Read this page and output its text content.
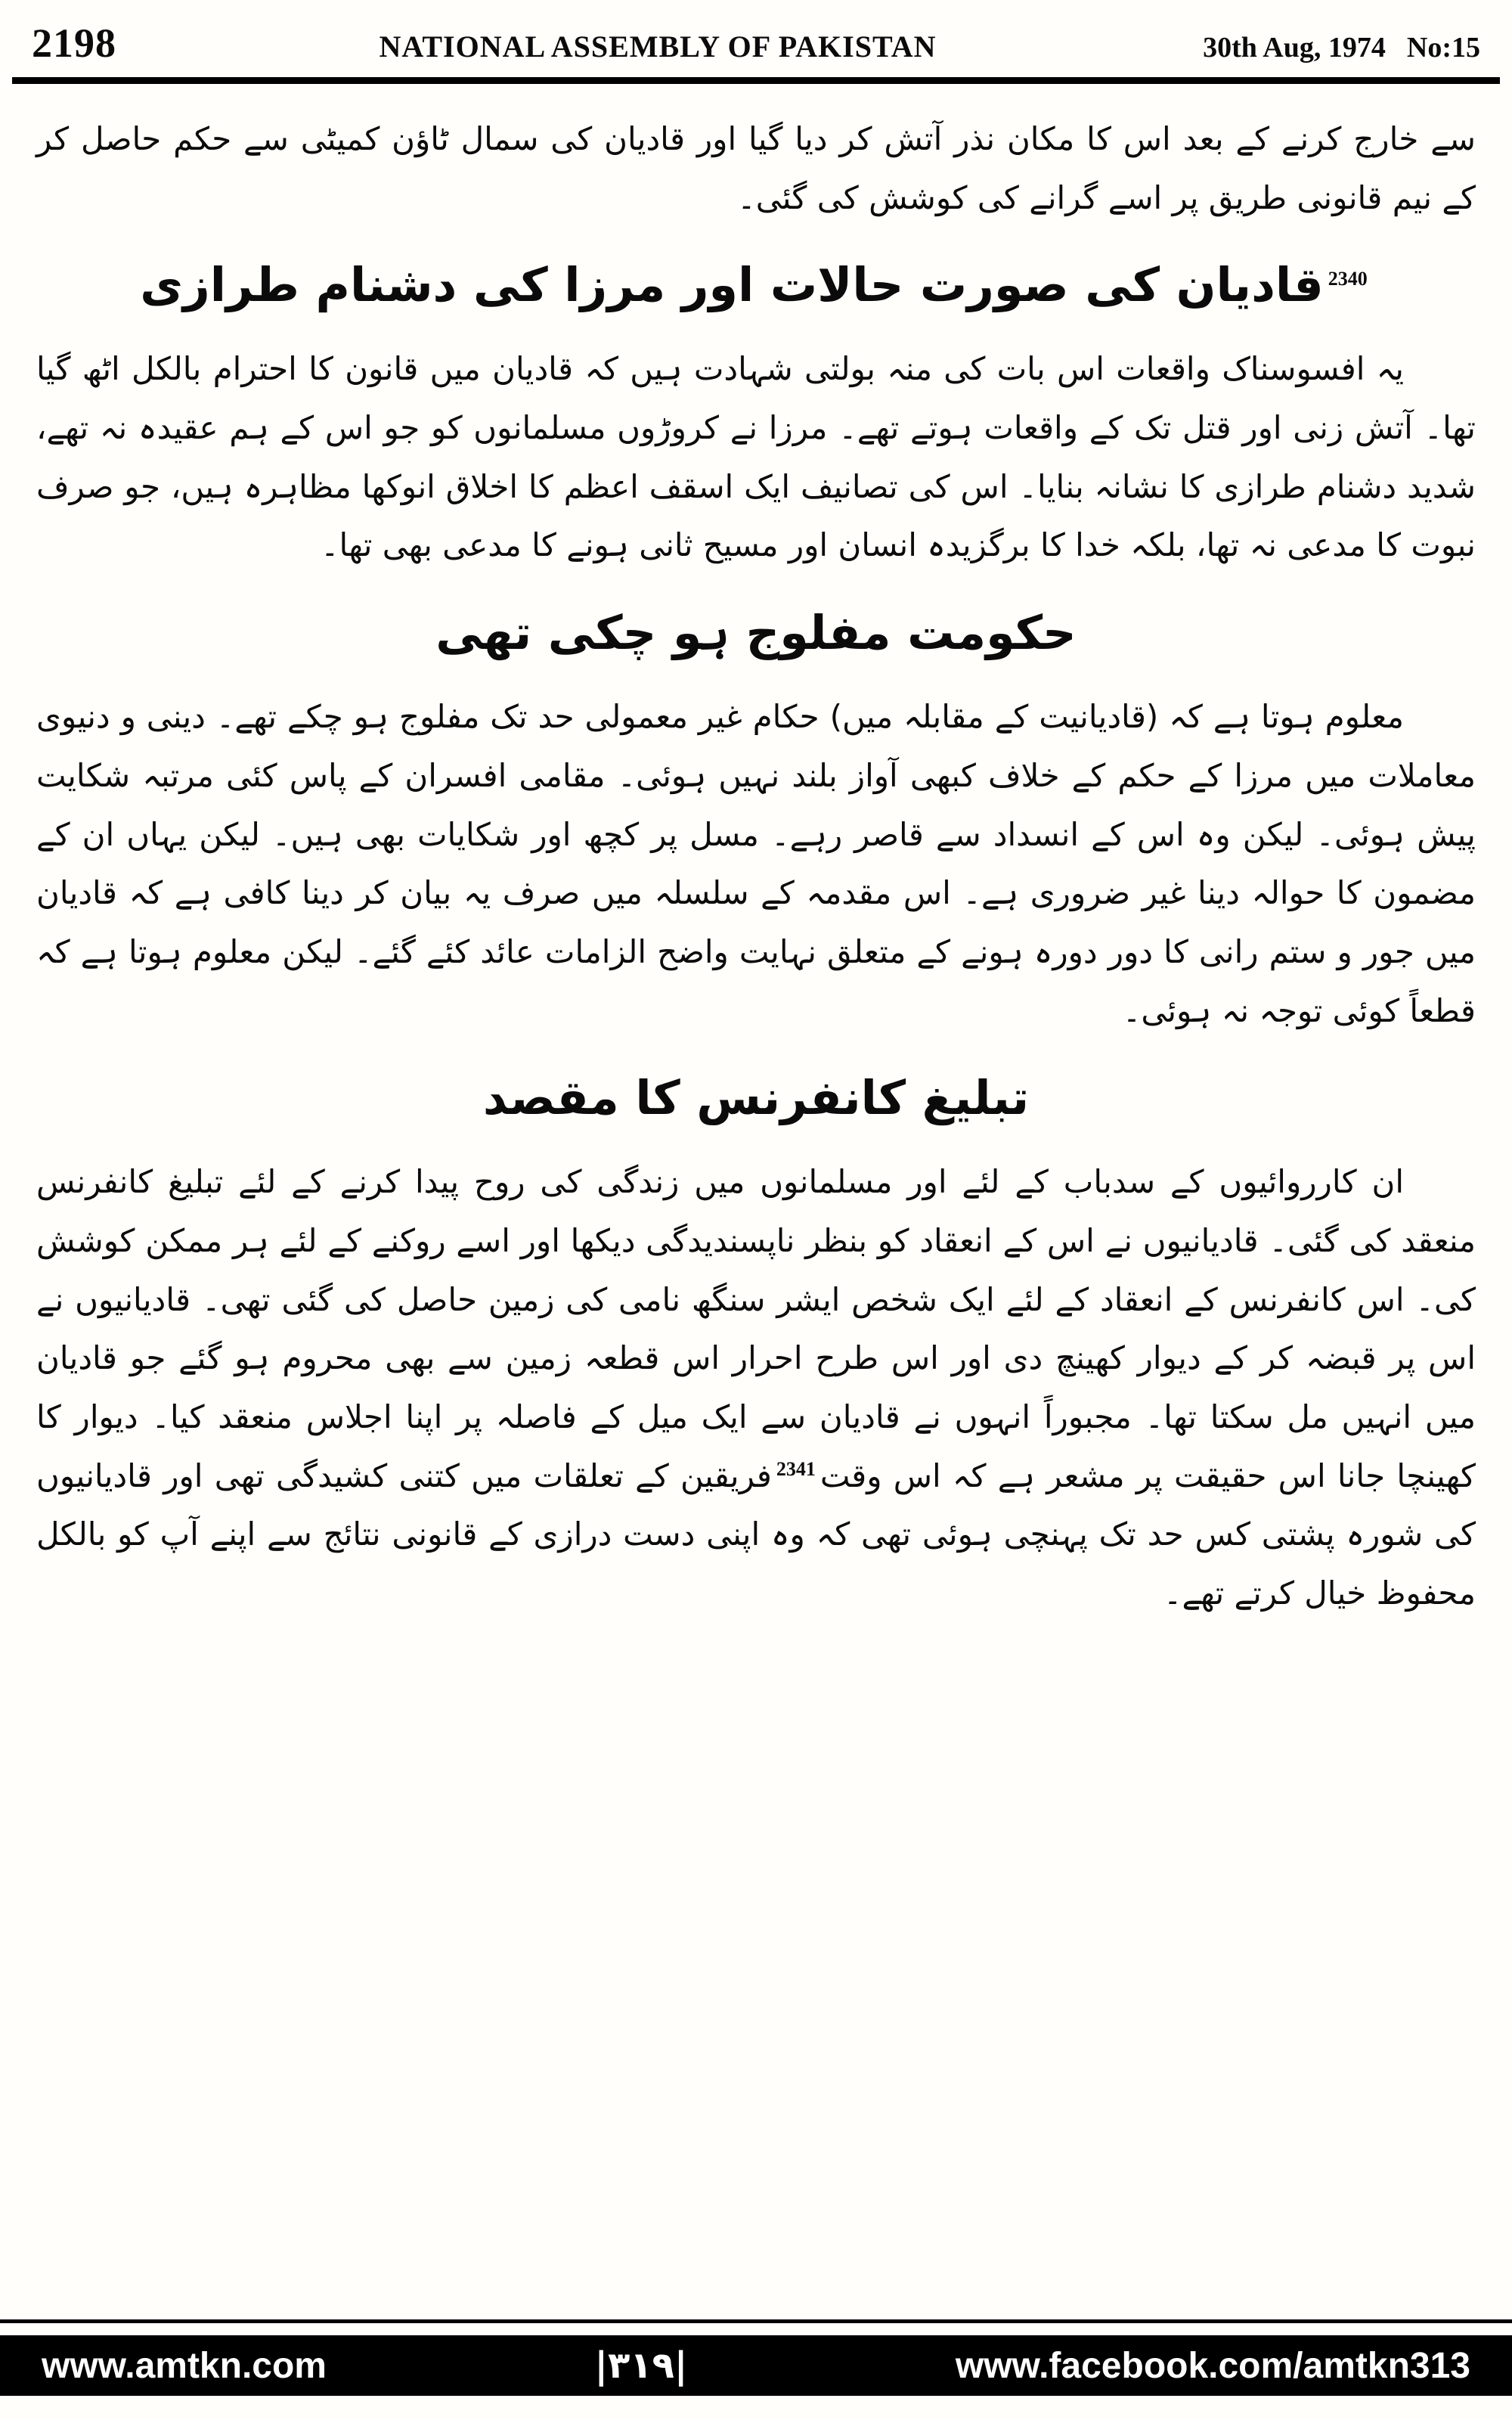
2198	NATIONAL ASSEMBLY OF PAKISTAN	30th Aug, 1974 No:15

سے خارج کرنے کے بعد اس کا مکان نذر آتش کر دیا گیا اور قادیان کی سمال ٹاؤن کمیٹی سے حکم حاصل کر کے نیم قانونی طریق پر اسے گرانے کی کوشش کی گئی۔

$^{2340}$قادیان کی صورت حالات اور مرزا کی دشنام طرازی

یہ افسوسناک واقعات اس بات کی منہ بولتی شہادت ہیں کہ قادیان میں قانون کا احترام بالکل اٹھ گیا تھا۔ آتش زنی اور قتل تک کے واقعات ہوتے تھے۔ مرزا نے کروڑوں مسلمانوں کو جو اس کے ہم عقیدہ نہ تھے، شدید دشنام طرازی کا نشانہ بنایا۔ اس کی تصانیف ایک اسقف اعظم کا اخلاق انوکھا مظاہرہ ہیں، جو صرف نبوت کا مدعی نہ تھا، بلکہ خدا کا برگزیدہ انسان اور مسیح ثانی ہونے کا مدعی بھی تھا۔

حکومت مفلوج ہو چکی تھی

معلوم ہوتا ہے کہ (قادیانیت کے مقابلہ میں) حکام غیر معمولی حد تک مفلوج ہو چکے تھے۔ دینی و دنیوی معاملات میں مرزا کے حکم کے خلاف کبھی آواز بلند نہیں ہوئی۔ مقامی افسران کے پاس کئی مرتبہ شکایت پیش ہوئی۔ لیکن وہ اس کے انسداد سے قاصر رہے۔ مسل پر کچھ اور شکایات بھی ہیں۔ لیکن یہاں ان کے مضمون کا حوالہ دینا غیر ضروری ہے۔ اس مقدمہ کے سلسلہ میں صرف یہ بیان کر دینا کافی ہے کہ قادیان میں جور و ستم رانی کا دور دورہ ہونے کے متعلق نہایت واضح الزامات عائد کئے گئے۔ لیکن معلوم ہوتا ہے کہ قطعاً کوئی توجہ نہ ہوئی۔

تبلیغ کانفرنس کا مقصد

ان کارروائیوں کے سدباب کے لئے اور مسلمانوں میں زندگی کی روح پیدا کرنے کے لئے تبلیغ کانفرنس منعقد کی گئی۔ قادیانیوں نے اس کے انعقاد کو بنظر ناپسندیدگی دیکھا اور اسے روکنے کے لئے ہر ممکن کوشش کی۔ اس کانفرنس کے انعقاد کے لئے ایک شخص ایشر سنگھ نامی کی زمین حاصل کی گئی تھی۔ قادیانیوں نے اس پر قبضہ کر کے دیوار کھینچ دی اور اس طرح احرار اس قطعہ زمین سے بھی محروم ہو گئے جو قادیان میں انہیں مل سکتا تھا۔ مجبوراً انہوں نے قادیان سے ایک میل کے فاصلہ پر اپنا اجلاس منعقد کیا۔ دیوار کا کھینچا جانا اس حقیقت پر مشعر ہے کہ اس وقت$^{2341}$فریقین کے تعلقات میں کتنی کشیدگی تھی اور قادیانیوں کی شورہ پشتی کس حد تک پہنچی ہوئی تھی کہ وہ اپنی دست درازی کے قانونی نتائج سے اپنے آپ کو بالکل محفوظ خیال کرتے تھے۔

www.amtkn.com	|۳۱۹|	www.facebook.com/amtkn313
